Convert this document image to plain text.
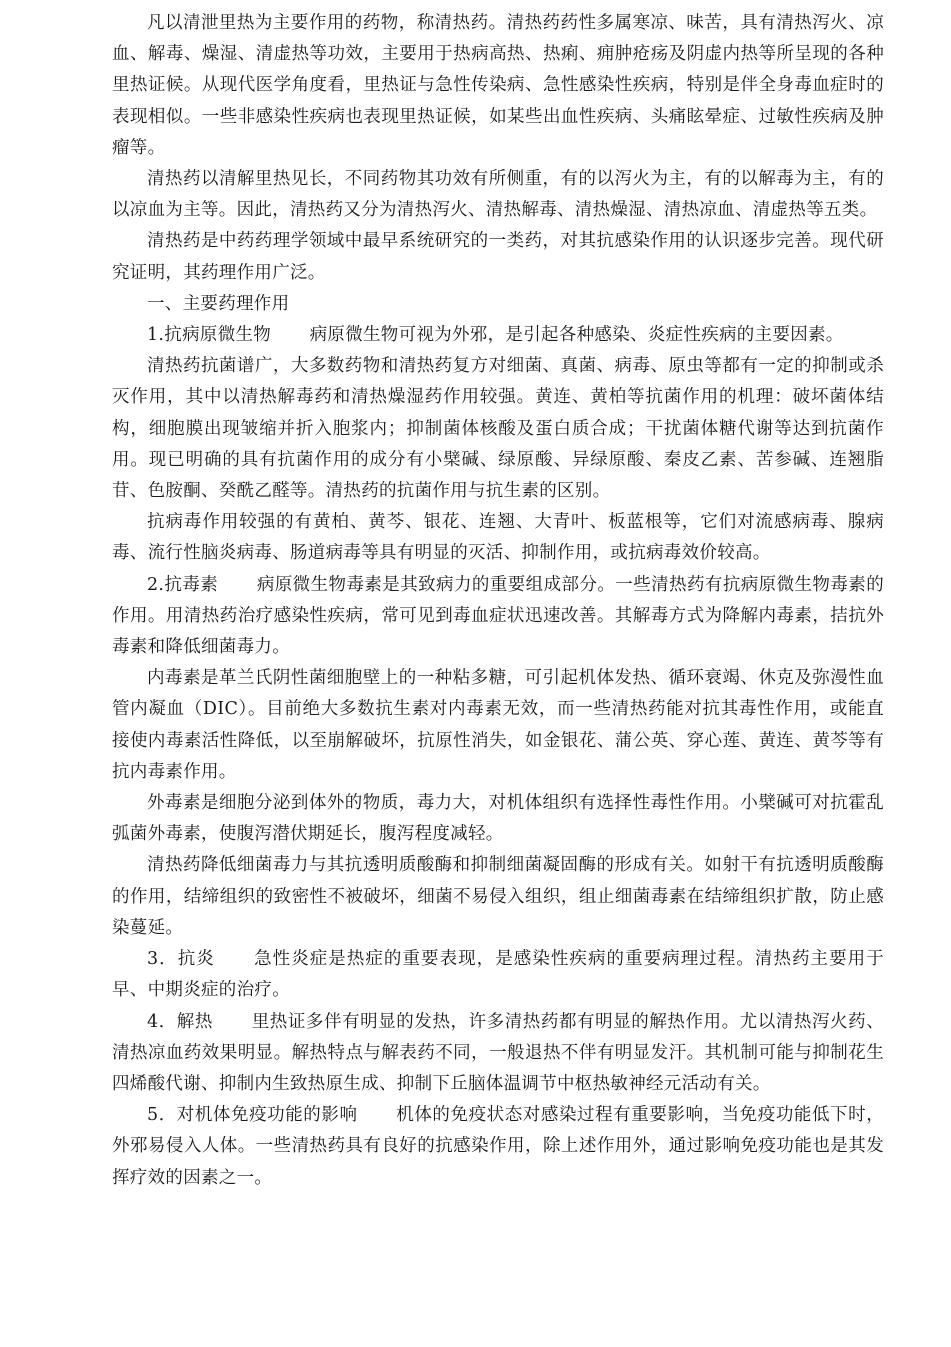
凡以清泄里热为主要作用的药物，称清热药。清热药药性多属寒凉、味苦，具有清热泻火、凉血、解毒、燥湿、清虚热等功效，主要用于热病高热、热痢、痈肿疮疡及阴虚内热等所呈现的各种里热证候。从现代医学角度看，里热证与急性传染病、急性感染性疾病，特别是伴全身毒血症时的表现相似。一些非感染性疾病也表现里热证候，如某些出血性疾病、头痛眩晕症、过敏性疾病及肿瘤等。

清热药以清解里热见长，不同药物其功效有所侧重，有的以泻火为主，有的以解毒为主，有的以凉血为主等。因此，清热药又分为清热泻火、清热解毒、清热燥湿、清热凉血、清虚热等五类。

清热药是中药药理学领域中最早系统研究的一类药，对其抗感染作用的认识逐步完善。现代研究证明，其药理作用广泛。

一、主要药理作用

1.抗病原微生物 病原微生物可视为外邪，是引起各种感染、炎症性疾病的主要因素。

清热药抗菌谱广，大多数药物和清热药复方对细菌、真菌、病毒、原虫等都有一定的抑制或杀灭作用，其中以清热解毒药和清热燥湿药作用较强。黄连、黄柏等抗菌作用的机理：破坏菌体结构，细胞膜出现皱缩并折入胞浆内；抑制菌体核酸及蛋白质合成；干扰菌体糖代谢等达到抗菌作用。现已明确的具有抗菌作用的成分有小檗碱、绿原酸、异绿原酸、秦皮乙素、苦参碱、连翘脂苷、色胺酮、癸酰乙醛等。清热药的抗菌作用与抗生素的区别。

抗病毒作用较强的有黄柏、黄芩、银花、连翘、大青叶、板蓝根等，它们对流感病毒、腺病毒、流行性脑炎病毒、肠道病毒等具有明显的灭活、抑制作用，或抗病毒效价较高。

2.抗毒素 病原微生物毒素是其致病力的重要组成部分。一些清热药有抗病原微生物毒素的作用。用清热药治疗感染性疾病，常可见到毒血症状迅速改善。其解毒方式为降解内毒素，拮抗外毒素和降低细菌毒力。

内毒素是革兰氏阴性菌细胞壁上的一种粘多糖，可引起机体发热、循环衰竭、休克及弥漫性血管内凝血（DIC）。目前绝大多数抗生素对内毒素无效，而一些清热药能对抗其毒性作用，或能直接使内毒素活性降低，以至崩解破坏，抗原性消失，如金银花、蒲公英、穿心莲、黄连、黄芩等有抗内毒素作用。

外毒素是细胞分泌到体外的物质，毒力大，对机体组织有选择性毒性作用。小檗碱可对抗霍乱弧菌外毒素，使腹泻潜伏期延长，腹泻程度减轻。

清热药降低细菌毒力与其抗透明质酸酶和抑制细菌凝固酶的形成有关。如射干有抗透明质酸酶的作用，结缔组织的致密性不被破坏，细菌不易侵入组织，组止细菌毒素在结缔组织扩散，防止感染蔓延。

3．抗炎 急性炎症是热症的重要表现，是感染性疾病的重要病理过程。清热药主要用于早、中期炎症的治疗。

4．解热 里热证多伴有明显的发热，许多清热药都有明显的解热作用。尤以清热泻火药、清热凉血药效果明显。解热特点与解表药不同，一般退热不伴有明显发汗。其机制可能与抑制花生四烯酸代谢、抑制内生致热原生成、抑制下丘脑体温调节中枢热敏神经元活动有关。

5．对机体免疫功能的影响 机体的免疫状态对感染过程有重要影响，当免疫功能低下时，外邪易侵入人体。一些清热药具有良好的抗感染作用，除上述作用外，通过影响免疫功能也是其发挥疗效的因素之一。
